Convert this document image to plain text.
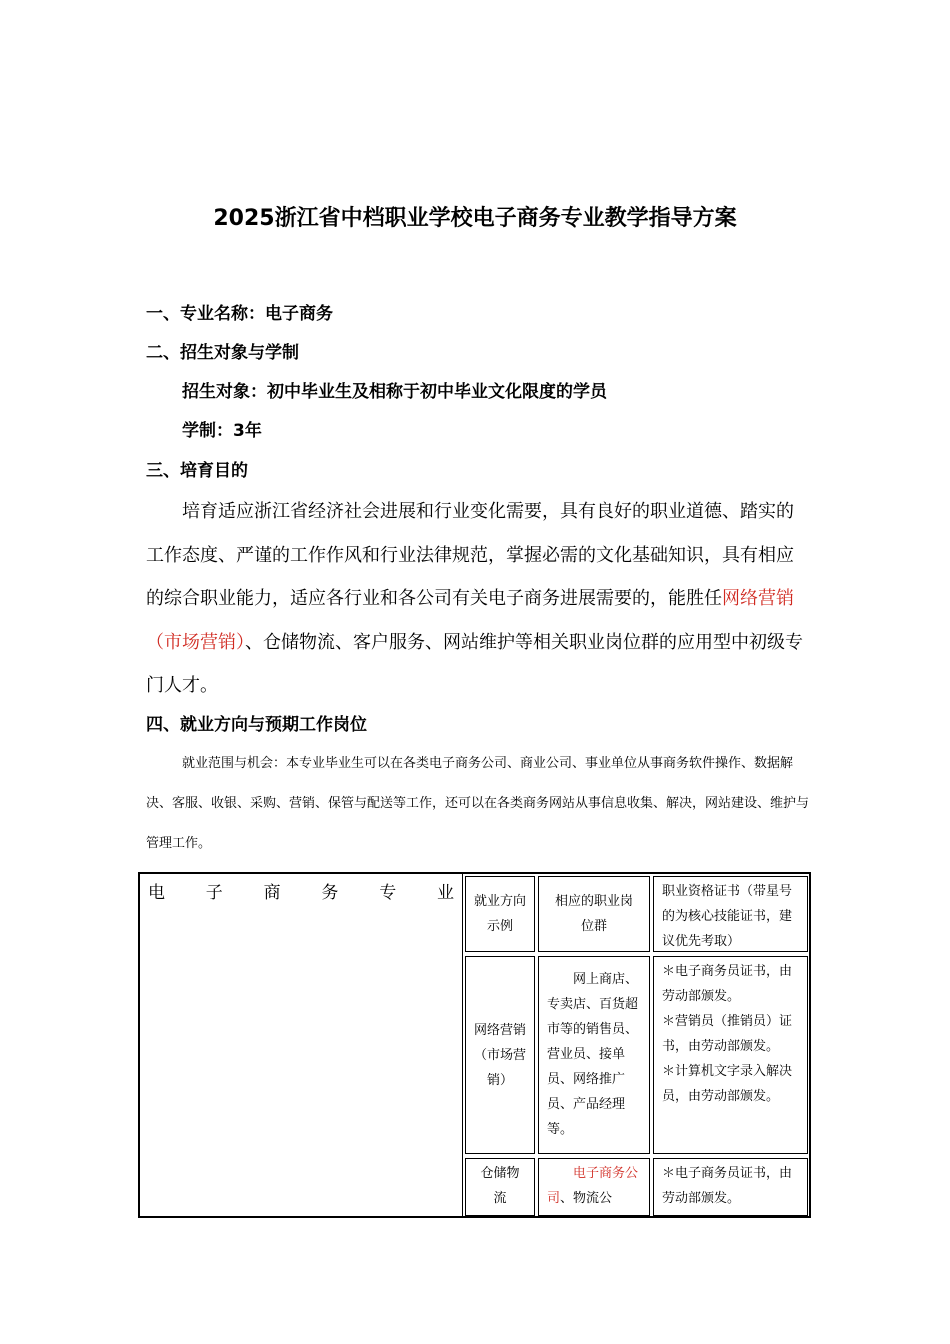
2025浙江省中档职业学校电子商务专业教学指导方案
一、专业名称：电子商务
二、招生对象与学制
招生对象：初中毕业生及相称于初中毕业文化限度的学员
学制：3年
三、培育目的
培育适应浙江省经济社会进展和行业变化需要，具有良好的职业道德、踏实的工作态度、严谨的工作作风和行业法律规范，掌握必需的文化基础知识，具有相应的综合职业能力，适应各行业和各公司有关电子商务进展需要的，能胜任网络营销（市场营销）、仓储物流、客户服务、网站维护等相关职业岗位群的应用型中初级专门人才。
四、就业方向与预期工作岗位
就业范围与机会：本专业毕业生可以在各类电子商务公司、商业公司、事业单位从事商务软件操作、数据解决、客服、收银、采购、营销、保管与配送等工作，还可以在各类商务网站从事信息收集、解决，网站建设、维护与管理工作。
电 子 商 务 专 业	就业方向示例
相应的职业岗位群
职业资格证书（带星号的为核心技能证书，建议优先考取）
网络营销（市场营销）
网上商店、专卖店、百货超市等的销售员、营业员、接单员、网络推广员、产品经理等。
＊电子商务员证书，由劳动部颁发。
＊营销员（推销员）证书，由劳动部颁发。
＊计算机文字录入解决员，由劳动部颁发。
仓储物流
电子商务公司、物流公
＊电子商务员证书，由劳动部颁发。
